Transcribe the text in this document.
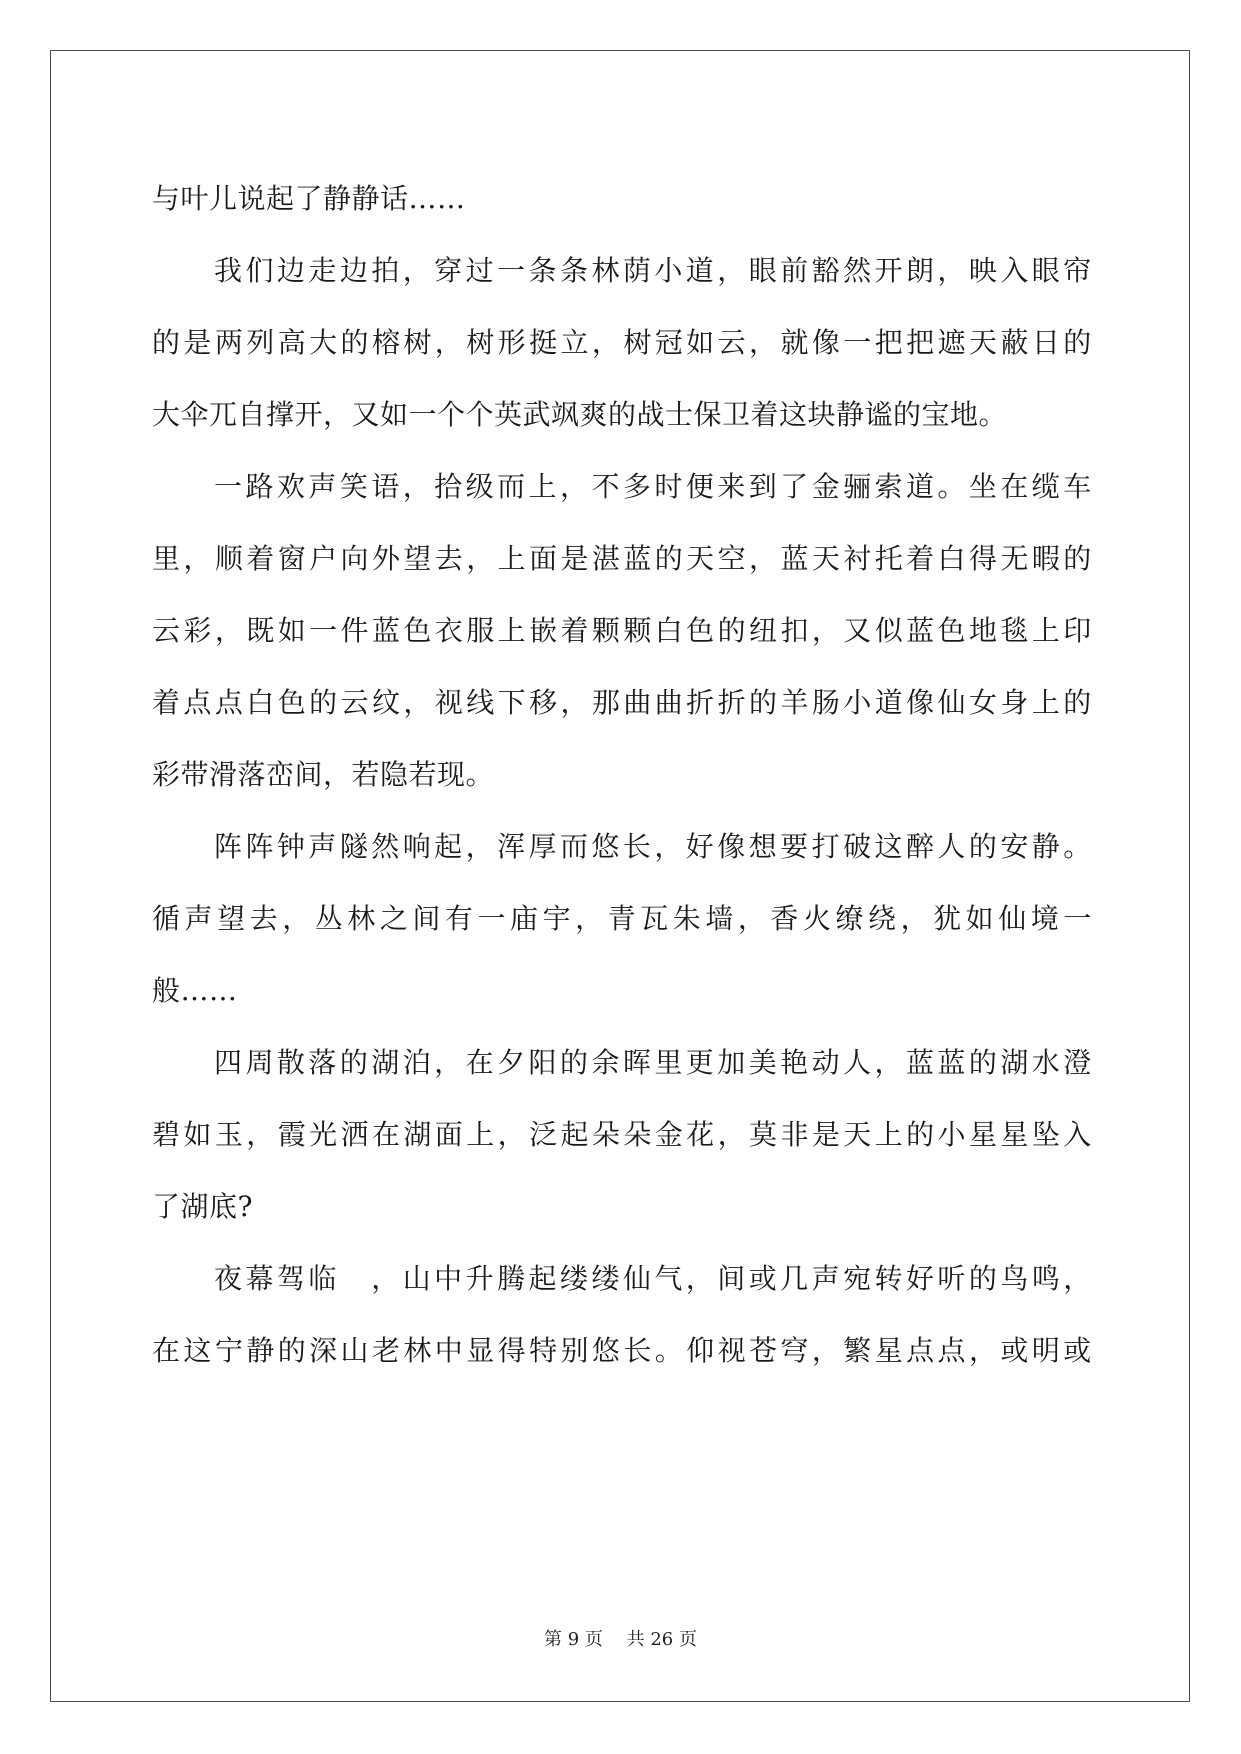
与叶儿说起了静静话……
我 们 边 走 边 拍 ， 穿 过 一 条 条 林 荫 小 道 ， 眼 前 豁 然 开 朗 ， 映 入 眼 帘
的 是 两 列 高 大 的 榕 树 ， 树 形 挺 立 ， 树 冠 如 云 ， 就 像 一 把 把 遮 天 蔽 日 的
大伞兀自撑开，又如一个个英武飒爽的战士保卫着这块静谧的宝地。
一 路 欢 声 笑 语 ， 拾 级 而 上 ， 不 多 时 便 来 到 了 金 骊 索 道 。 坐 在 缆 车
里 ， 顺 着 窗 户 向 外 望 去 ， 上 面 是 湛 蓝 的 天 空 ， 蓝 天 衬 托 着 白 得 无 暇 的
云 彩 ， 既 如 一 件 蓝 色 衣 服 上 嵌 着 颗 颗 白 色 的 纽 扣 ， 又 似 蓝 色 地 毯 上 印
着 点 点 白 色 的 云 纹 ， 视 线 下 移 ， 那 曲 曲 折 折 的 羊 肠 小 道 像 仙 女 身 上 的
彩带滑落峦间，若隐若现。
阵 阵 钟 声 隧 然 响 起 ， 浑 厚 而 悠 长 ， 好 像 想 要 打 破 这 醉 人 的 安 静 。
循 声 望 去 ， 丛 林 之 间 有 一 庙 宇 ， 青 瓦 朱 墙 ， 香 火 缭 绕 ， 犹 如 仙 境 一
般……
四 周 散 落 的 湖 泊 ， 在 夕 阳 的 余 晖 里 更 加 美 艳 动 人 ， 蓝 蓝 的 湖 水 澄
碧 如 玉 ， 霞 光 洒 在 湖 面 上 ， 泛 起 朵 朵 金 花 ， 莫 非 是 天 上 的 小 星 星 坠 入
了湖底?
夜 幕 驾 临
　 ， 山 中 升 腾 起 缕 缕 仙 气 ， 间 或 几 声 宛 转 好 听 的 鸟 鸣 ，
在 这 宁 静 的 深 山 老 林 中 显 得 特 别 悠 长 。 仰 视 苍 穹 ， 繁 星 点 点 ， 或 明 或
第 9 页　 共 26 页
